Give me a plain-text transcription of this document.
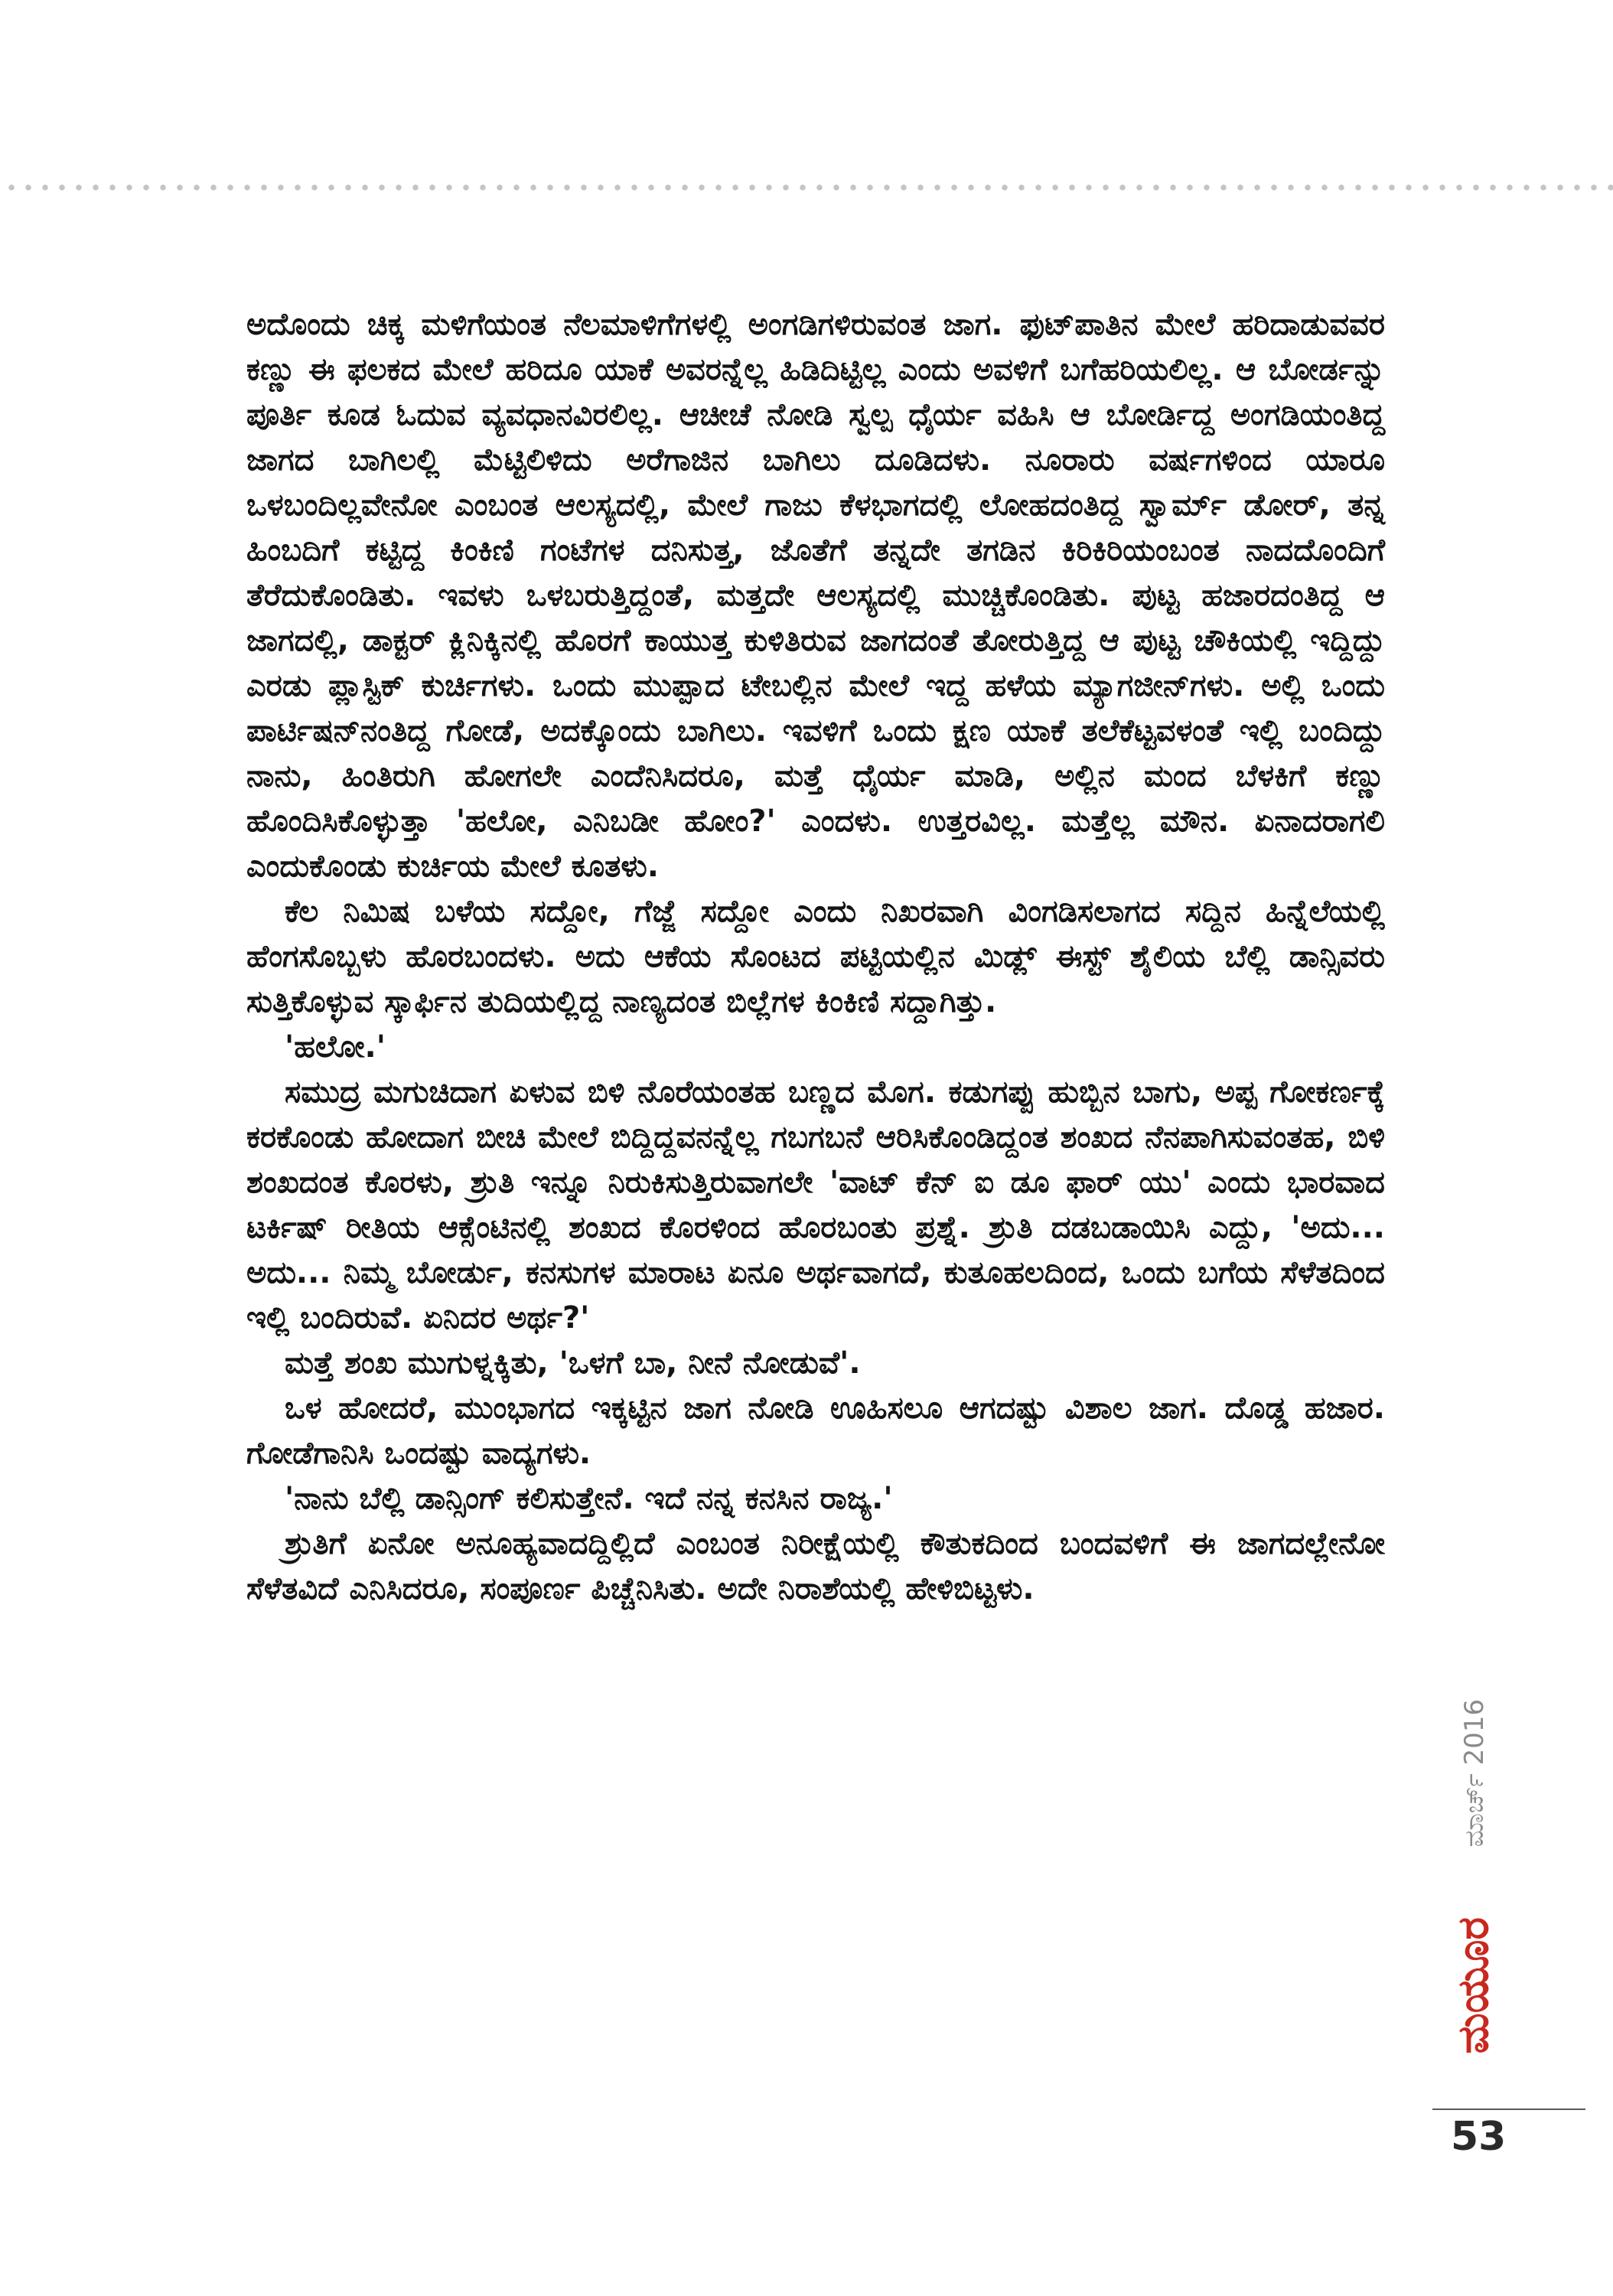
ಅದೊಂದು ಚಿಕ್ಕ ಮಳಿಗೆಯಂತ ನೆಲಮಾಳಿಗೆಗಳಲ್ಲಿ ಅಂಗಡಿಗಳಿರುವಂತ ಜಾಗ. ಫುಟ್‌ಪಾತಿನ ಮೇಲೆ ಹರಿದಾಡುವವರ ಕಣ್ಣು ಈ ಫಲಕದ ಮೇಲೆ ಹರಿದೂ ಯಾಕೆ ಅವರನ್ನೆಲ್ಲ ಹಿಡಿದಿಟ್ಟಿಲ್ಲ ಎಂದು ಅವಳಿಗೆ ಬಗೆಹರಿಯಲಿಲ್ಲ. ಆ ಬೋರ್ಡನ್ನು ಪೂರ್ತಿ ಕೂಡ ಓದುವ ವ್ಯವಧಾನವಿರಲಿಲ್ಲ. ಆಚೀಚೆ ನೋಡಿ ಸ್ವಲ್ಪ ಧೈರ್ಯ ವಹಿಸಿ ಆ ಬೋರ್ಡಿದ್ದ ಅಂಗಡಿಯಂತಿದ್ದ ಜಾಗದ ಬಾಗಿಲಲ್ಲಿ ಮೆಟ್ಟಿಲಿಳಿದು ಅರೆಗಾಜಿನ ಬಾಗಿಲು ದೂಡಿದಳು. ನೂರಾರು ವರ್ಷಗಳಿಂದ ಯಾರೂ ಒಳಬಂದಿಲ್ಲವೇನೋ ಎಂಬಂತ ಆಲಸ್ಯದಲ್ಲಿ, ಮೇಲೆ ಗಾಜು ಕೆಳಭಾಗದಲ್ಲಿ ಲೋಹದಂತಿದ್ದ ಸ್ವಾರ್ಮ್ ಡೋರ್, ತನ್ನ ಹಿಂಬದಿಗೆ ಕಟ್ಟಿದ್ದ ಕಿಂಕಿಣಿ ಗಂಟೆಗಳ ದನಿಸುತ್ತ, ಜೊತೆಗೆ ತನ್ನದೇ ತಗಡಿನ ಕಿರಿಕಿರಿಯಂಬಂತ ನಾದದೊಂದಿಗೆ ತೆರೆದುಕೊಂಡಿತು. ಇವಳು ಒಳಬರುತ್ತಿದ್ದಂತೆ, ಮತ್ತದೇ ಆಲಸ್ಯದಲ್ಲಿ ಮುಚ್ಚಿಕೊಂಡಿತು. ಪುಟ್ಟ ಹಜಾರದಂತಿದ್ದ ಆ ಜಾಗದಲ್ಲಿ, ಡಾಕ್ಟರ್ ಕ್ಲಿನಿಕ್ಕಿನಲ್ಲಿ ಹೊರಗೆ ಕಾಯುತ್ತ ಕುಳಿತಿರುವ ಜಾಗದಂತೆ ತೋರುತ್ತಿದ್ದ ಆ ಪುಟ್ಟ ಚೌಕಿಯಲ್ಲಿ ಇದ್ದಿದ್ದು ಎರಡು ಪ್ಲಾಸ್ಟಿಕ್ ಕುರ್ಚಿಗಳು. ಒಂದು ಮುಪ್ಪಾದ ಟೇಬಲ್ಲಿನ ಮೇಲೆ ಇದ್ದ ಹಳೆಯ ಮ್ಯಾಗಜೀನ್‌ಗಳು. ಅಲ್ಲಿ ಒಂದು ಪಾರ್ಟಿಷನ್‌ನಂತಿದ್ದ ಗೋಡೆ, ಅದಕ್ಕೊಂದು ಬಾಗಿಲು. ಇವಳಿಗೆ ಒಂದು ಕ್ಷಣ ಯಾಕೆ ತಲೆಕೆಟ್ಟವಳಂತೆ ಇಲ್ಲಿ ಬಂದಿದ್ದು ನಾನು, ಹಿಂತಿರುಗಿ ಹೋಗಲೇ ಎಂದೆನಿಸಿದರೂ, ಮತ್ತೆ ಧೈರ್ಯ ಮಾಡಿ, ಅಲ್ಲಿನ ಮಂದ ಬೆಳಕಿಗೆ ಕಣ್ಣು ಹೊಂದಿಸಿಕೊಳ್ಳುತ್ತಾ 'ಹಲೋ, ಎನಿಬಡೀ ಹೋಂ?' ಎಂದಳು. ಉತ್ತರವಿಲ್ಲ. ಮತ್ತೆಲ್ಲ ಮೌನ. ಏನಾದರಾಗಲಿ ಎಂದುಕೊಂಡು ಕುರ್ಚಿಯ ಮೇಲೆ ಕೂತಳು.

ಕೆಲ ನಿಮಿಷ ಬಳೆಯ ಸದ್ದೋ, ಗೆಜ್ಜೆ ಸದ್ದೋ ಎಂದು ನಿಖರವಾಗಿ ವಿಂಗಡಿಸಲಾಗದ ಸದ್ದಿನ ಹಿನ್ನೆಲೆಯಲ್ಲಿ ಹೆಂಗಸೊಬ್ಬಳು ಹೊರಬಂದಳು. ಅದು ಆಕೆಯ ಸೊಂಟದ ಪಟ್ಟಿಯಲ್ಲಿನ ಮಿಡ್ಲ್ ಈಸ್ಟ್ ಶೈಲಿಯ ಬೆಲ್ಲಿ ಡಾನ್ಸಿವರು ಸುತ್ತಿಕೊಳ್ಳುವ ಸ್ಕಾರ್ಫಿನ ತುದಿಯಲ್ಲಿದ್ದ ನಾಣ್ಯದಂತ ಬಿಲ್ಲೆಗಳ ಕಿಂಕಿಣಿ ಸದ್ದಾಗಿತ್ತು.

'ಹಲೋ.'

ಸಮುದ್ರ ಮಗುಚಿದಾಗ ಏಳುವ ಬಿಳಿ ನೊರೆಯಂತಹ ಬಣ್ಣದ ಮೊಗ. ಕಡುಗಪ್ಪು ಹುಬ್ಬಿನ ಬಾಗು, ಅಪ್ಪ ಗೋಕರ್ಣಕ್ಕೆ ಕರಕೊಂಡು ಹೋದಾಗ ಬೀಚಿ ಮೇಲೆ ಬಿದ್ದಿದ್ದವನನ್ನೆಲ್ಲ ಗಬಗಬನೆ ಆರಿಸಿಕೊಂಡಿದ್ದಂತ ಶಂಖದ ನೆನಪಾಗಿಸುವಂತಹ, ಬಿಳಿ ಶಂಖದಂತ ಕೊರಳು, ಶ್ರುತಿ ಇನ್ನೂ ನಿರುಕಿಸುತ್ತಿರುವಾಗಲೇ 'ವಾಟ್ ಕೆನ್ ಐ ಡೂ ಫಾರ್ ಯು' ಎಂದು ಭಾರವಾದ ಟರ್ಕಿಷ್ ರೀತಿಯ ಆಕ್ಸೆಂಟಿನಲ್ಲಿ ಶಂಖದ ಕೊರಳಿಂದ ಹೊರಬಂತು ಪ್ರಶ್ನೆ. ಶ್ರುತಿ ದಡಬಡಾಯಿಸಿ ಎದ್ದು, 'ಅದು... ಅದು... ನಿಮ್ಮ ಬೋರ್ಡು, ಕನಸುಗಳ ಮಾರಾಟ ಏನೂ ಅರ್ಥವಾಗದೆ, ಕುತೂಹಲದಿಂದ, ಒಂದು ಬಗೆಯ ಸೆಳೆತದಿಂದ ಇಲ್ಲಿ ಬಂದಿರುವೆ. ಏನಿದರ ಅರ್ಥ?'

ಮತ್ತೆ ಶಂಖ ಮುಗುಳ್ನಕ್ಕಿತು, 'ಒಳಗೆ ಬಾ, ನೀನೆ ನೋಡುವೆ'.

ಒಳ ಹೋದರೆ, ಮುಂಭಾಗದ ಇಕ್ಕಟ್ಟಿನ ಜಾಗ ನೋಡಿ ಊಹಿಸಲೂ ಆಗದಷ್ಟು ವಿಶಾಲ ಜಾಗ. ದೊಡ್ಡ ಹಜಾರ. ಗೋಡೆಗಾನಿಸಿ ಒಂದಷ್ಟು ವಾದ್ಯಗಳು.

'ನಾನು ಬೆಲ್ಲಿ ಡಾನ್ಸಿಂಗ್ ಕಲಿಸುತ್ತೇನೆ. ಇದೆ ನನ್ನ ಕನಸಿನ ರಾಜ್ಯ.'

ಶ್ರುತಿಗೆ ಏನೋ ಅನೂಹ್ಯವಾದದ್ದಿಲ್ಲಿದೆ ಎಂಬಂತ ನಿರೀಕ್ಷೆಯಲ್ಲಿ ಕೌತುಕದಿಂದ ಬಂದವಳಿಗೆ ಈ ಜಾಗದಲ್ಲೇನೋ ಸೆಳೆತವಿದೆ ಎನಿಸಿದರೂ, ಸಂಪೂರ್ಣ ಪಿಚ್ಚೆನಿಸಿತು. ಅದೇ ನಿರಾಶೆಯಲ್ಲಿ ಹೇಳಿಬಿಟ್ಟಳು.

ಮಾರ್ಚ್ 2016
ಮಯೂರ
53
